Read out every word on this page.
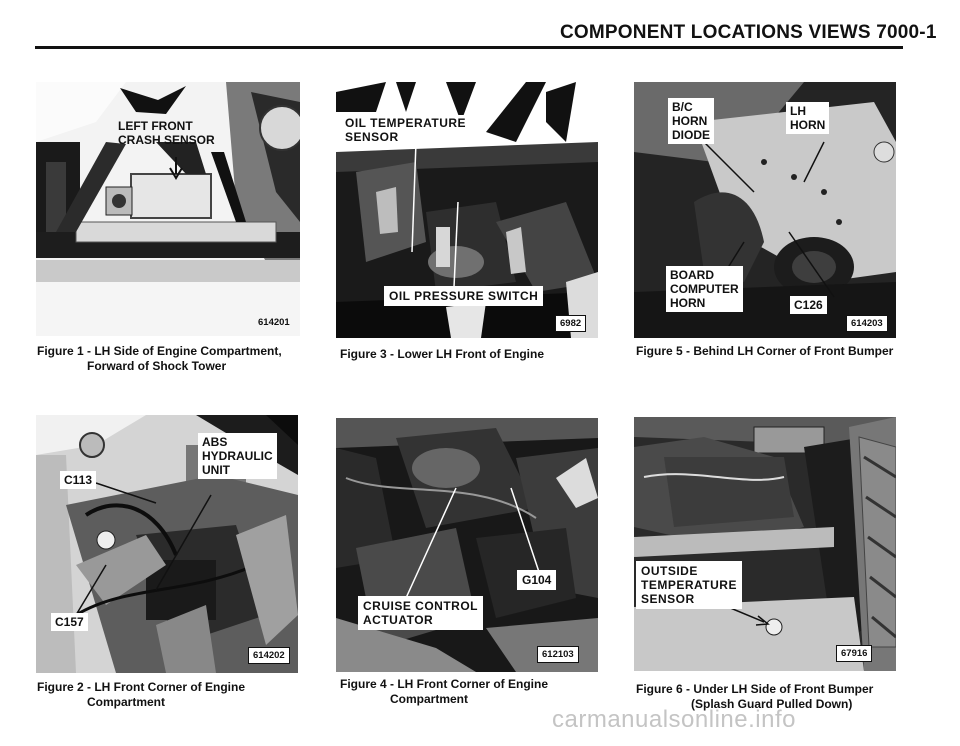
COMPONENT LOCATIONS VIEWS 7000-1
LEFT FRONT
CRASH SENSOR
614201
Figure 1 - LH Side of Engine Compartment,
Forward of Shock Tower
ABS
HYDRAULIC
UNIT
C113
C157
614202
Figure 2 - LH Front Corner of Engine
Compartment
OIL TEMPERATURE
SENSOR
OIL PRESSURE SWITCH
6982
Figure 3 - Lower LH Front of Engine
G104
CRUISE CONTROL
ACTUATOR
612103
Figure 4 - LH Front Corner of Engine
Compartment
B/C
HORN
DIODE
LH
HORN
BOARD
COMPUTER
HORN	C126
614203
Figure 5 - Behind LH Corner of Front Bumper
OUTSIDE
TEMPERATURE
SENSOR
67916
Figure 6 - Under LH Side of Front Bumper
(Splash Guard Pulled Down)
carmanualsonline.info
